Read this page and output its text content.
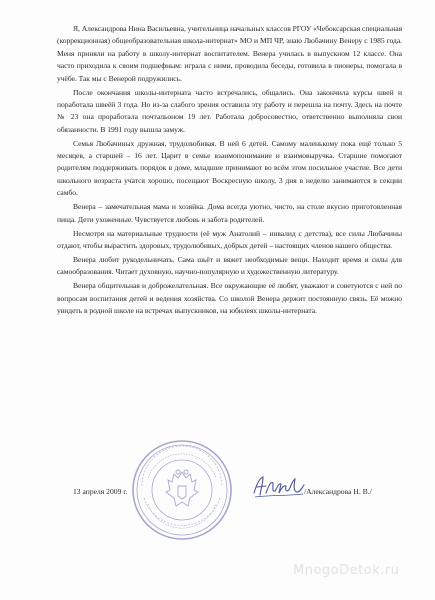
Я, Александрова Нина Васильевна, учительница начальных классов РГОУ «Чебоксарская специальная (коррекционная) общеобразовательная школа-интернат» МО и МП ЧР, знаю Любачину Венеру с 1985 года. Меня приняли на работу в школу-интернат воспитателем. Венера училась в выпускном 12 классе. Она часто приходила к своим подшефным: играла с ними, проводила беседы, готовила в пионеры, помогала в учёбе. Так мы с Венерой подружились.

После окончания школы-интерната часто встречались, общались. Она закончила курсы швей и поработала швеёй 3 года. Но из-за слабого зрения оставила эту работу и перешла на почту. Здесь на почте № 23 она проработала почтальоном 19 лет. Работала добросовестно, ответственно выполняла свои обязанности. В 1991 году вышла замуж.

Семья Любачиных дружная, трудолюбивая. В ней 6 детей. Самому маленькому пока ещё только 5 месяцев, а старшей – 16 лет. Царит в семье взаимопонимание и взаимовыручка. Старшие помогают родителям поддерживать порядок в доме, младшие принимают во всём этом посильное участие. Все дети школьного возраста учатся хорошо, посещают Воскресную школу, 3 дня в неделю занимаются в секции самбо.

Венера – замечательная мама и хозяйка. Дома всегда уютно, чисто, на столе вкусно приготовленная пища. Дети ухоженные. Чувствуется любовь и забота родителей.

Несмотря на материальные трудности (её муж Анатолий – инвалид с детства), все силы Любачины отдают, чтобы вырастить здоровых, трудолюбивых, добрых детей – настоящих членов нашего общества.

Венера любит рукодельничать. Сама шьёт и вяжет необходимые вещи. Находит время и силы для самообразования. Читает духовную, научно-популярную и художественную литературу.

Венера общительная и доброжелательная. Все окружающие её любят, уважают и советуются с ней по вопросам воспитания детей и ведения хозяйства. Со школой Венера держит постоянную связь. Её можно увидеть в родной школе на встречах выпускников, на юбилеях школы-интерната.

13 апреля 2009 г.	/Александрова Н. В./
MnogoDetok.ru
